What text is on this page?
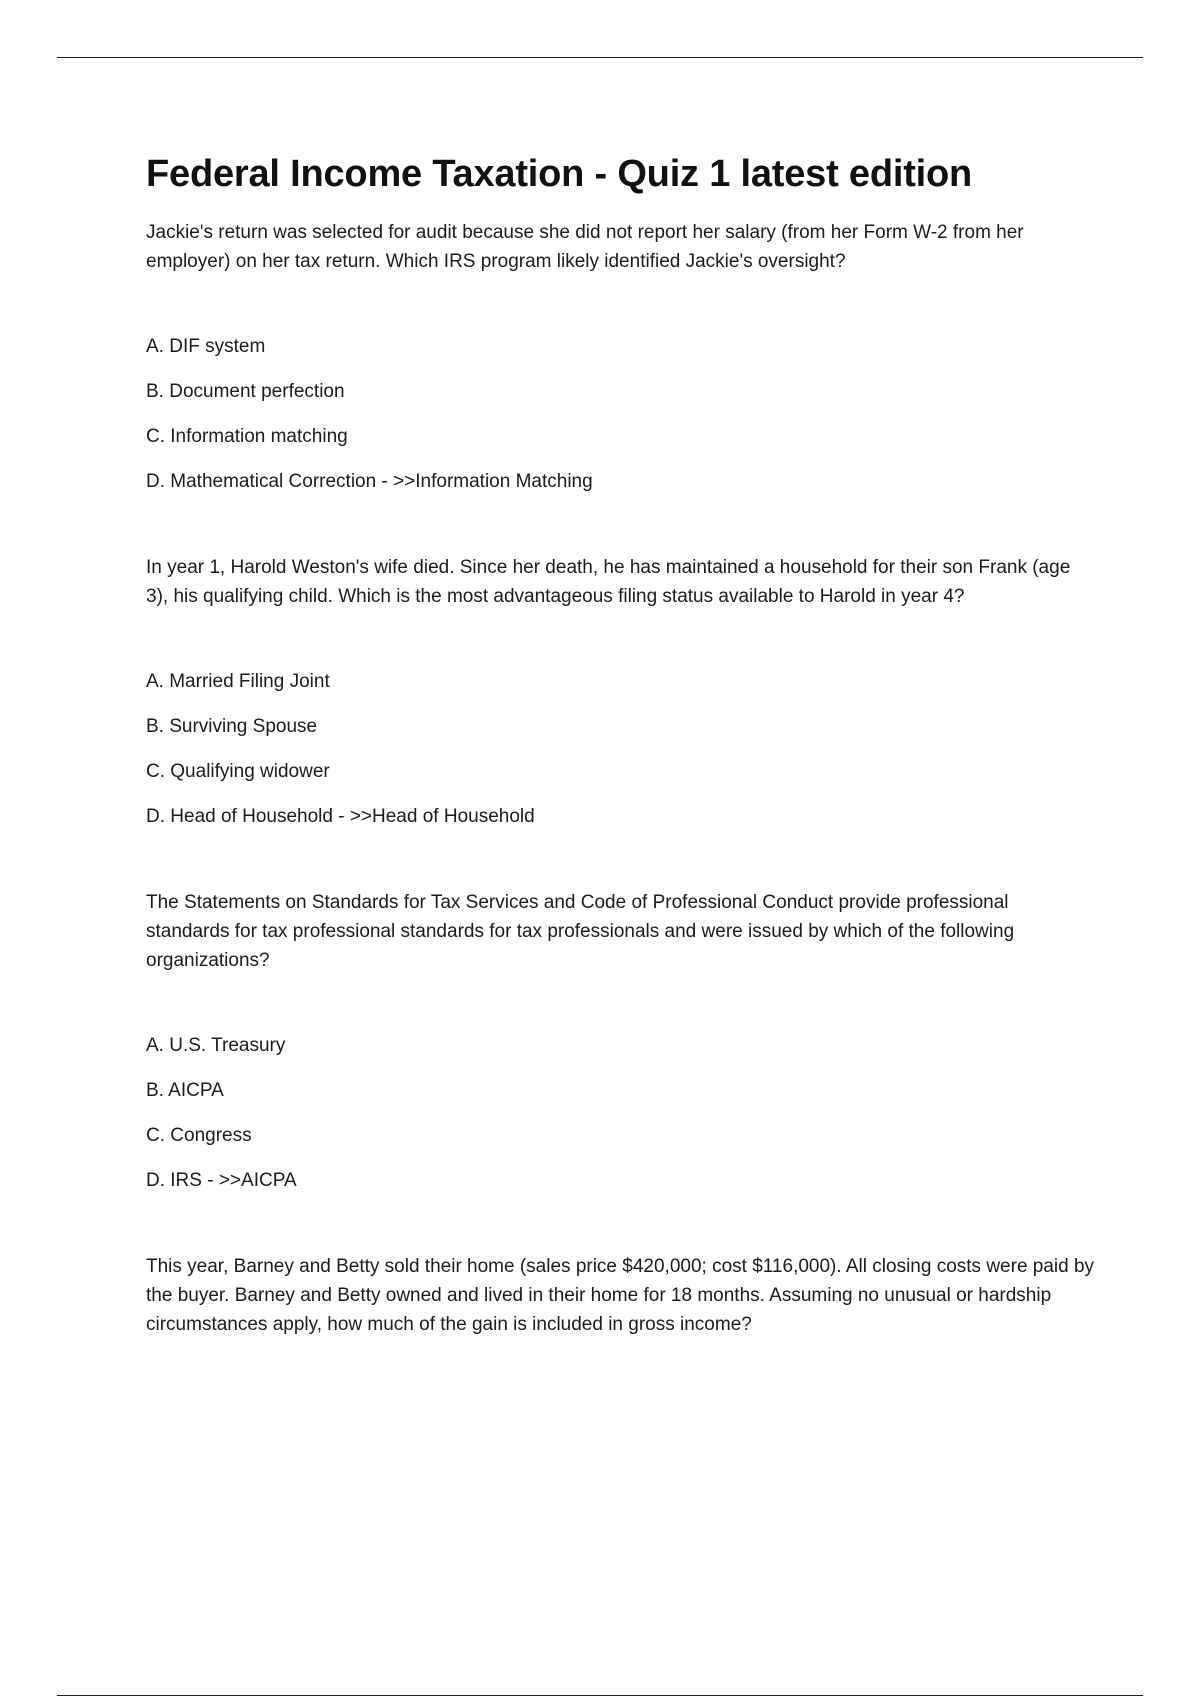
Federal Income Taxation - Quiz 1 latest edition

Jackie's return was selected for audit because she did not report her salary (from her Form W-2 from her employer) on her tax return. Which IRS program likely identified Jackie's oversight?

A. DIF system
B. Document perfection
C. Information matching
D. Mathematical Correction - >>Information Matching

In year 1, Harold Weston's wife died. Since her death, he has maintained a household for their son Frank (age 3), his qualifying child. Which is the most advantageous filing status available to Harold in year 4?

A. Married Filing Joint
B. Surviving Spouse
C. Qualifying widower
D. Head of Household - >>Head of Household

The Statements on Standards for Tax Services and Code of Professional Conduct provide professional standards for tax professional standards for tax professionals and were issued by which of the following organizations?

A. U.S. Treasury
B. AICPA
C. Congress
D. IRS - >>AICPA

This year, Barney and Betty sold their home (sales price $420,000; cost $116,000). All closing costs were paid by the buyer. Barney and Betty owned and lived in their home for 18 months. Assuming no unusual or hardship circumstances apply, how much of the gain is included in gross income?
